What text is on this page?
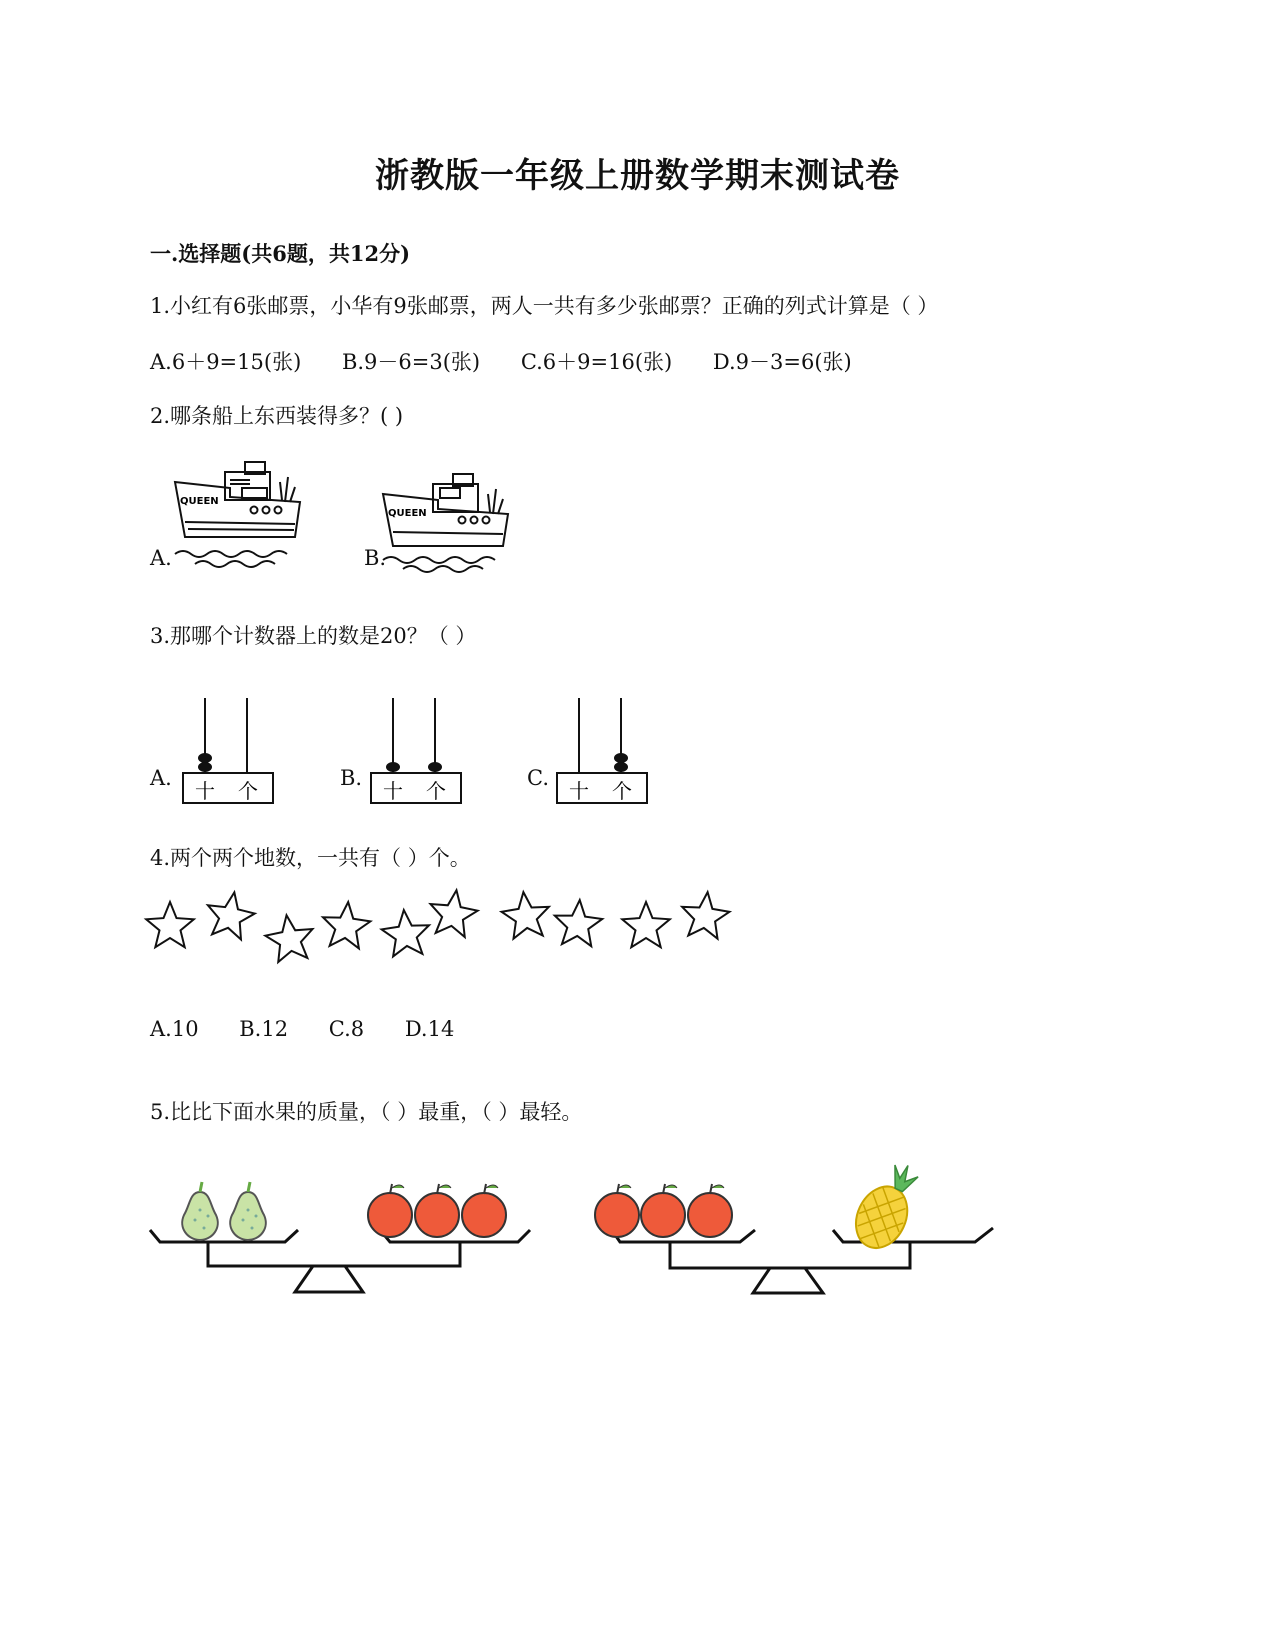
浙教版一年级上册数学期末测试卷
一.选择题(共6题，共12分)
1.小红有6张邮票，小华有9张邮票，两人一共有多少张邮票？正确的列式计算是（ ）
A.6＋9=15(张) B.9－6=3(张) C.6＋9=16(张) D.9－3=6(张)
2.哪条船上东西装得多？( )
A.	B.
QUEEN
QUEEN
3.那哪个计数器上的数是20？（ ）
A.	B.	C.
十 个	十 个	十 个
4.两个两个地数，一共有（ ）个。
A.10 B.12 C.8 D.14
5.比比下面水果的质量，（ ）最重，（ ）最轻。
